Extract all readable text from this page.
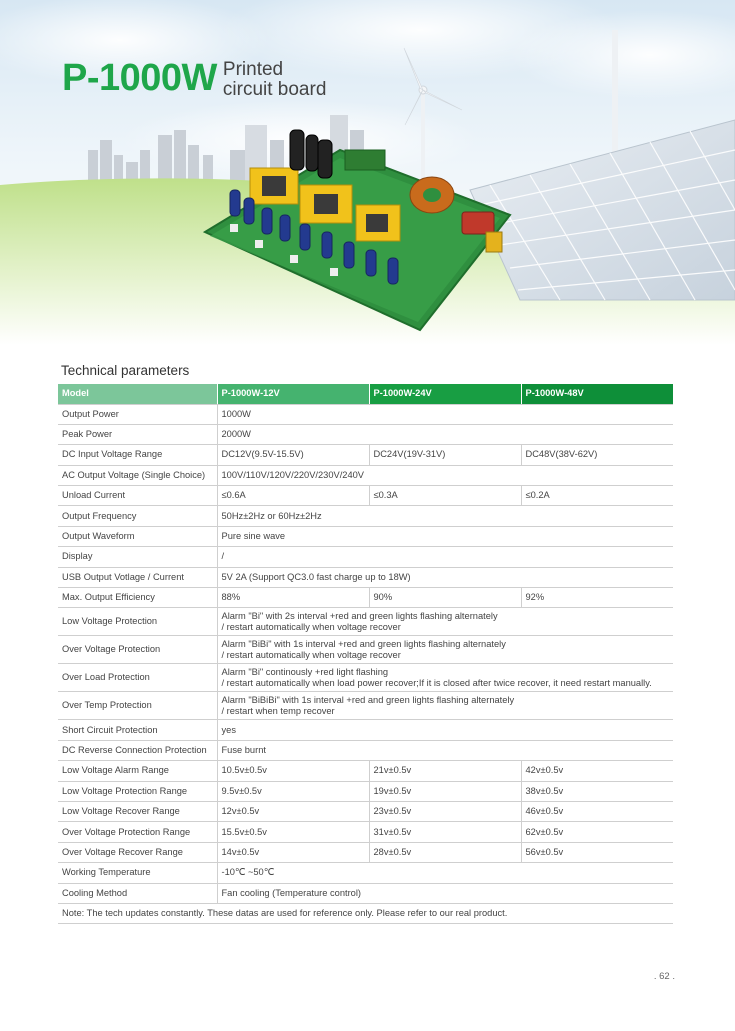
P-1000W Printed
circuit board
Technical parameters
Model	P-1000W-12V	P-1000W-24V	P-1000W-48V
Output Power	1000W		
Peak Power	2000W		
DC Input Voltage Range	DC12V(9.5V-15.5V)	DC24V(19V-31V)	DC48V(38V-62V)
AC Output Voltage (Single Choice)	100V/110V/120V/220V/230V/240V		
Unload Current	≤0.6A	≤0.3A	≤0.2A
Output Frequency	50Hz±2Hz or 60Hz±2Hz		
Output Waveform	Pure sine wave		
Display	/		
USB Output Votlage / Current	5V 2A (Support QC3.0 fast charge up to 18W)		
Max. Output Efficiency	88%	90%	92%
Low Voltage Protection	Alarm "Bi" with 2s interval +red and green lights flashing alternately
/ restart automatically when voltage recover		

Over Voltage Protection	Alarm "BiBi" with 1s interval +red and green lights flashing alternately
/ restart automatically when voltage recover		

Over Load Protection	Alarm "Bi" continously +red light flashing
/ restart automatically when load power recover;If it is closed after twice recover, it need restart manually.		

Over Temp Protection	Alarm "BiBiBi" with 1s interval +red and green lights flashing alternately
/ restart when temp recover		

Short Circuit Protection	yes		
DC Reverse Connection Protection	Fuse burnt		
Low Voltage Alarm Range	10.5v±0.5v	21v±0.5v	42v±0.5v
Low Voltage Protection Range	9.5v±0.5v	19v±0.5v	38v±0.5v
Low Voltage Recover Range	12v±0.5v	23v±0.5v	46v±0.5v
Over Voltage Protection Range	15.5v±0.5v	31v±0.5v	62v±0.5v
Over Voltage Recover Range	14v±0.5v	28v±0.5v	56v±0.5v
Working Temperature	-10℃ ~50℃		
Cooling Method	Fan cooling (Temperature control)		
Note: The tech updates constantly. These datas are used for reference only. Please refer to our real product.			
. 62 .
